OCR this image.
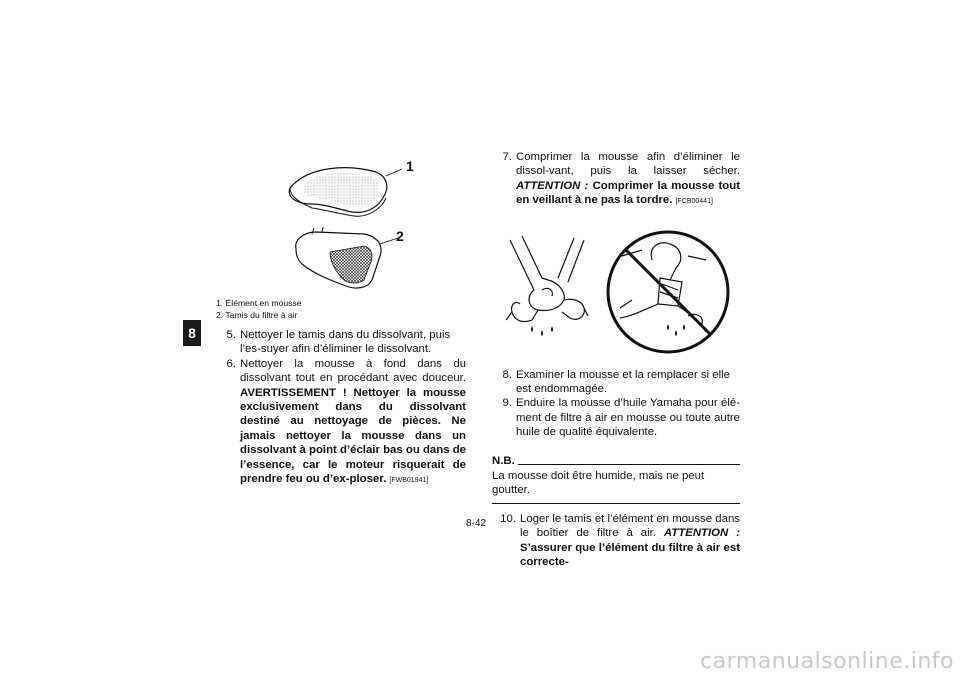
8
1
2
1. Élément en mousse
2. Tamis du filtre à air

5. Nettoyer le tamis dans du dissolvant, puis l’es-suyer afin d’éliminer le dissolvant.

6. Nettoyer la mousse à fond dans du dissolvant tout en procédant avec douceur. AVERTISSEMENT ! Nettoyer la mousse exclusivement dans du dissolvant destiné au nettoyage de pièces. Ne jamais nettoyer la mousse dans un dissolvant à point d’éclair bas ou dans de l’essence, car le moteur risquerait de prendre feu ou d’ex-ploser. [FWB01941]

7. Comprimer la mousse afin d’éliminer le dissol-vant, puis la laisser sécher. ATTENTION : Comprimer la mousse tout en veillant à ne pas la tordre. [FCB00441]

8. Examiner la mousse et la remplacer si elle est endommagée.

9. Enduire la mousse d’huile Yamaha pour élé-ment de filtre à air en mousse ou toute autre huile de qualité équivalente.

N.B.
La mousse doit être humide, mais ne peut goutter.

10. Loger le tamis et l’élément en mousse dans le boîtier de filtre à air. ATTENTION : S’assurer que l’élément du filtre à air est correcte-

8-42
carmanualsonline.info
